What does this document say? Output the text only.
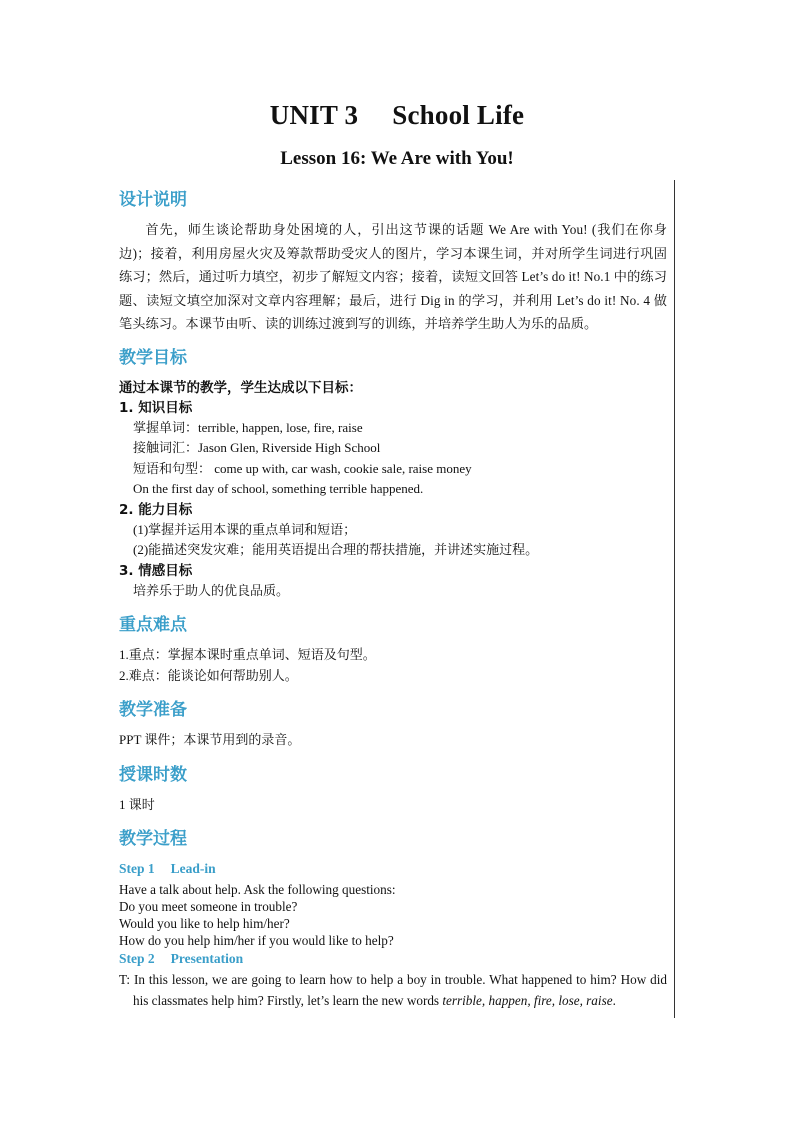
UNIT 3 School Life
Lesson 16: We Are with You!
设计说明
首先，师生谈论帮助身处困境的人，引出这节课的话题 We Are with You! (我们在你身边)；接着，利用房屋火灾及筹款帮助受灾人的图片，学习本课生词，并对所学生词进行巩固练习；然后，通过听力填空，初步了解短文内容；接着，读短文回答 Let’s do it! No.1 中的练习题、读短文填空加深对文章内容理解；最后，进行 Dig in 的学习，并利用 Let’s do it! No. 4 做笔头练习。本课节由听、读的训练过渡到写的训练，并培养学生助人为乐的品质。
教学目标
通过本课节的教学，学生达成以下目标：
1. 知识目标
掌握单词：terrible, happen, lose, fire, raise
接触词汇：Jason Glen, Riverside High School
短语和句型： come up with, car wash, cookie sale, raise money
On the first day of school, something terrible happened.
2. 能力目标
(1)掌握并运用本课的重点单词和短语；
(2)能描述突发灾难；能用英语提出合理的帮扶措施，并讲述实施过程。
3. 情感目标
培养乐于助人的优良品质。
重点难点
1.重点：掌握本课时重点单词、短语及句型。
2.难点：能谈论如何帮助别人。
教学准备
PPT 课件；本课节用到的录音。
授课时数
1 课时
教学过程
Step 1 Lead-in
Have a talk about help. Ask the following questions:
Do you meet someone in trouble?
Would you like to help him/her?
How do you help him/her if you would like to help?
Step 2 Presentation
T: In this lesson, we are going to learn how to help a boy in trouble. What happened to him? How did his classmates help him? Firstly, let’s learn the new words terrible, happen, fire, lose, raise.
